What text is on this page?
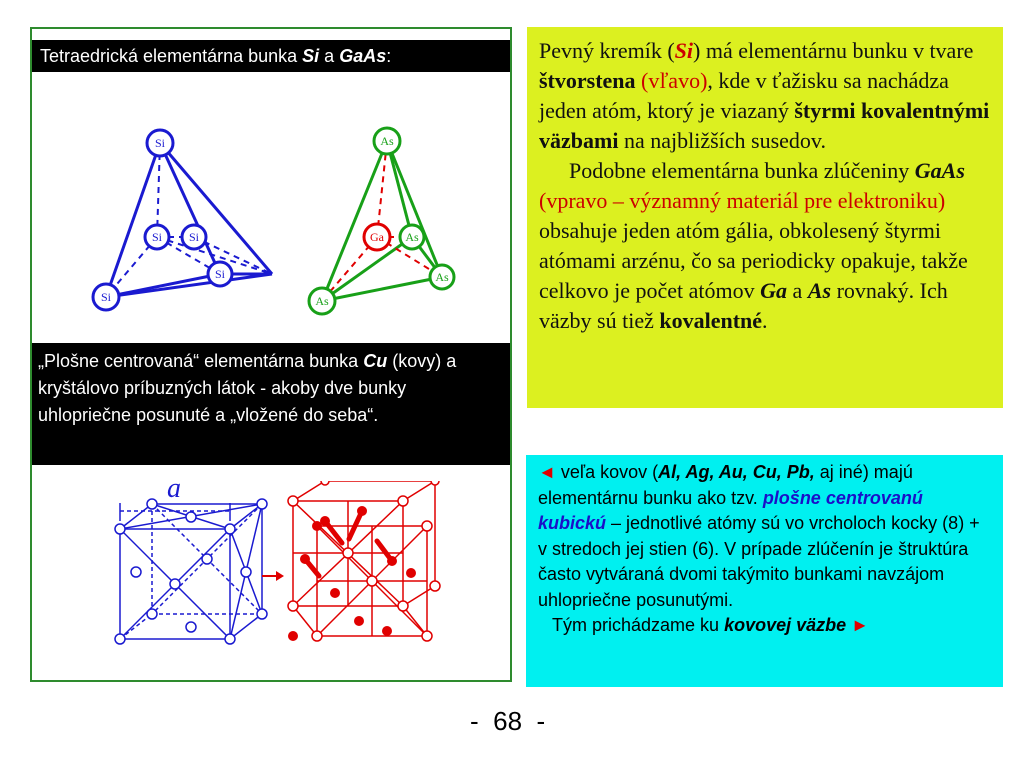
Tetraedrická elementárna bunka Si a GaAs:
Si
Si Si
Si
Si
As
Ga As
As
As
„Plošne centrovaná“ elementárna bunka Cu (kovy) a kryštálovo príbuzných látok - akoby dve bunky uhlopriečne posunuté a „vložené do seba“.
a

Pevný kremík (Si) má elementárnu bunku v tvare štvorstena (vľavo), kde v ťažisku sa nachádza jeden atóm, ktorý je viazaný štyrmi kovalentnými väzbami na najbližších susedov.

Podobne elementárna bunka zlúčeniny GaAs (vpravo – významný materiál pre elektroniku) obsahuje jeden atóm gália, obkolesený štyrmi atómami arzénu, čo sa periodicky opakuje, takže celkovo je počet atómov Ga a As rovnaký. Ich väzby sú tiež kovalentné.

◄ veľa kovov (Al, Ag, Au, Cu, Pb, aj iné) majú elementárnu bunku ako tzv. plošne centrovanú kubickú – jednotlivé atómy sú vo vrcholoch kocky (8) + v stredoch jej stien (6). V prípade zlúčenín je štruktúra často vytváraná dvomi takýmito bunkami navzájom uhlopriečne posunutými.

Tým prichádzame ku kovovej väzbe ►

-  68  -
